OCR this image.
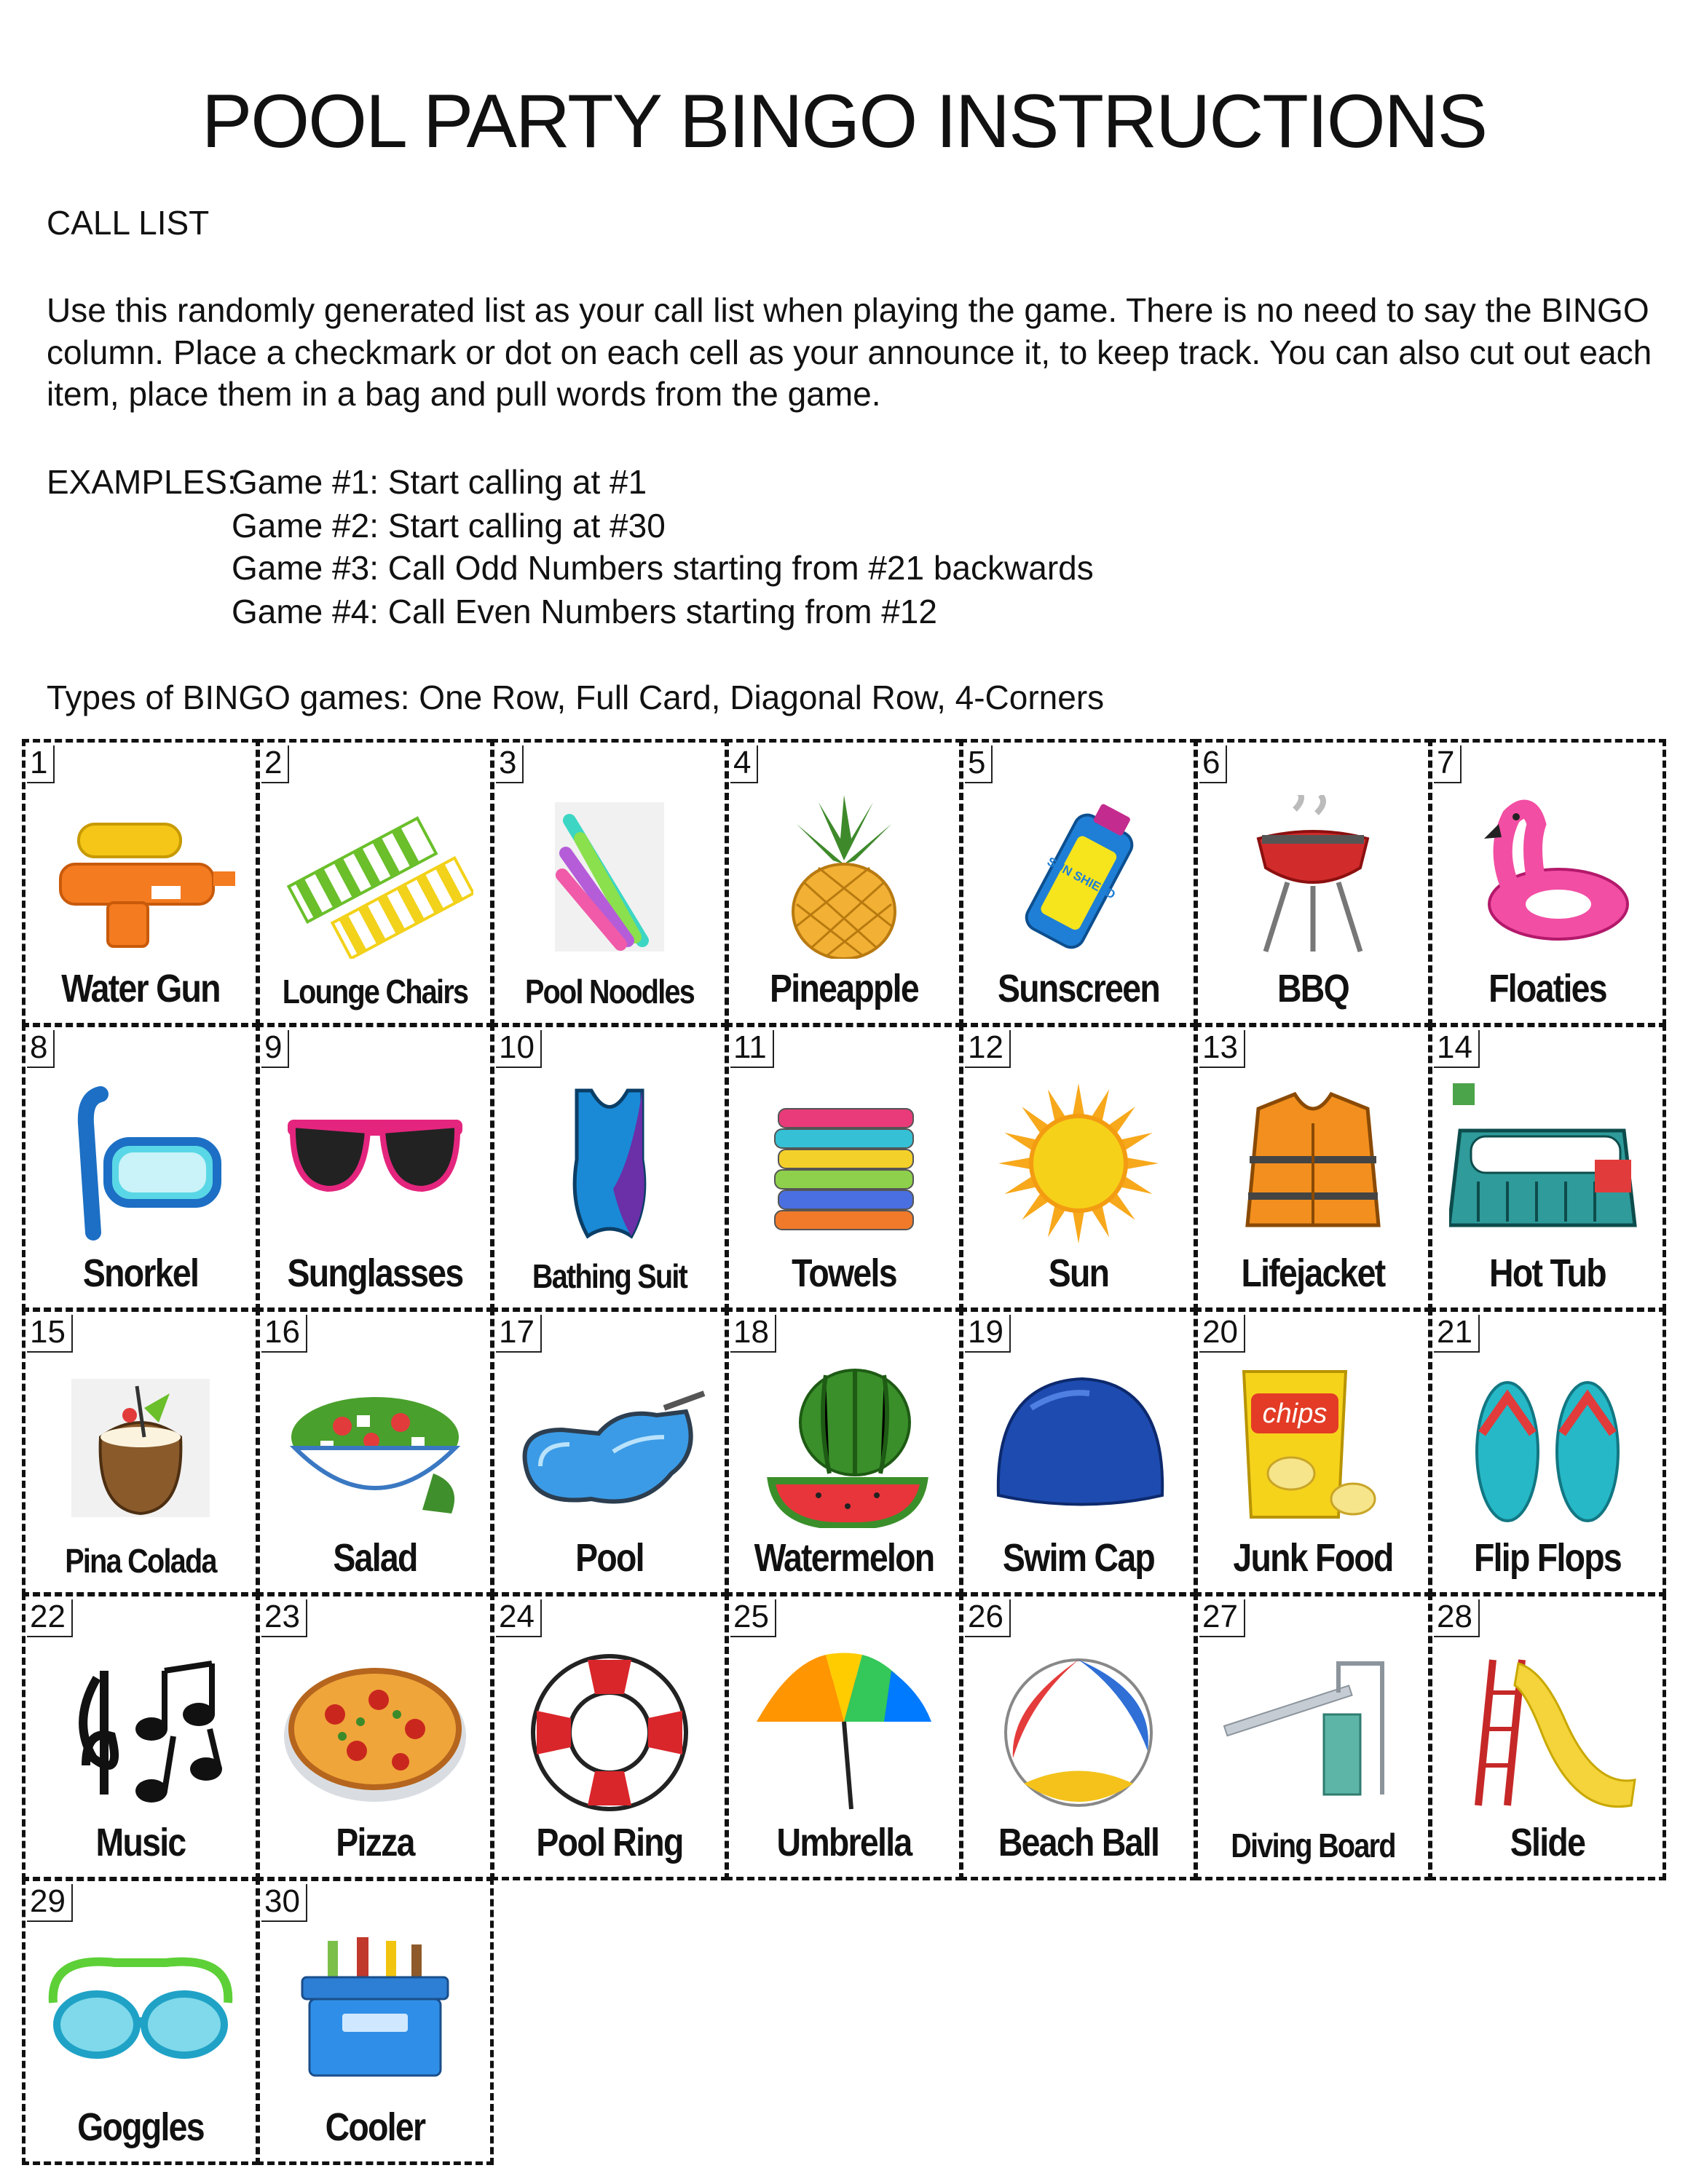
POOL PARTY BINGO INSTRUCTIONS

CALL LIST

Use this randomly generated list as your call list when playing the game. There is no need to say the BINGO column. Place a checkmark or dot on each cell as your announce it, to keep track. You can also cut out each item, place them in a bag and pull words from the game.

EXAMPLES:

Game #1: Start calling at #1
Game #2: Start calling at #30
Game #3: Call Odd Numbers starting from #21 backwards
Game #4: Call Even Numbers starting from #12

Types of BINGO games: One Row, Full Card, Diagonal Row, 4-Corners

1
Water Gun
2
Lounge Chairs
3
Pool Noodles
4
Pineapple
5
SUN SHIELD
Sunscreen
6
BBQ
7
Floaties
8
Snorkel
9
Sunglasses
10
Bathing Suit
11
Towels
12
Sun
13
Lifejacket
14
Hot Tub
15
Pina Colada
16
Salad
17
Pool
18
Watermelon
19
Swim Cap
20
chips
Junk Food
21
Flip Flops
22
Music
23
Pizza
24
Pool Ring
25
Umbrella
26
Beach Ball
27
Diving Board
28
Slide
29
Goggles
30
Cooler
